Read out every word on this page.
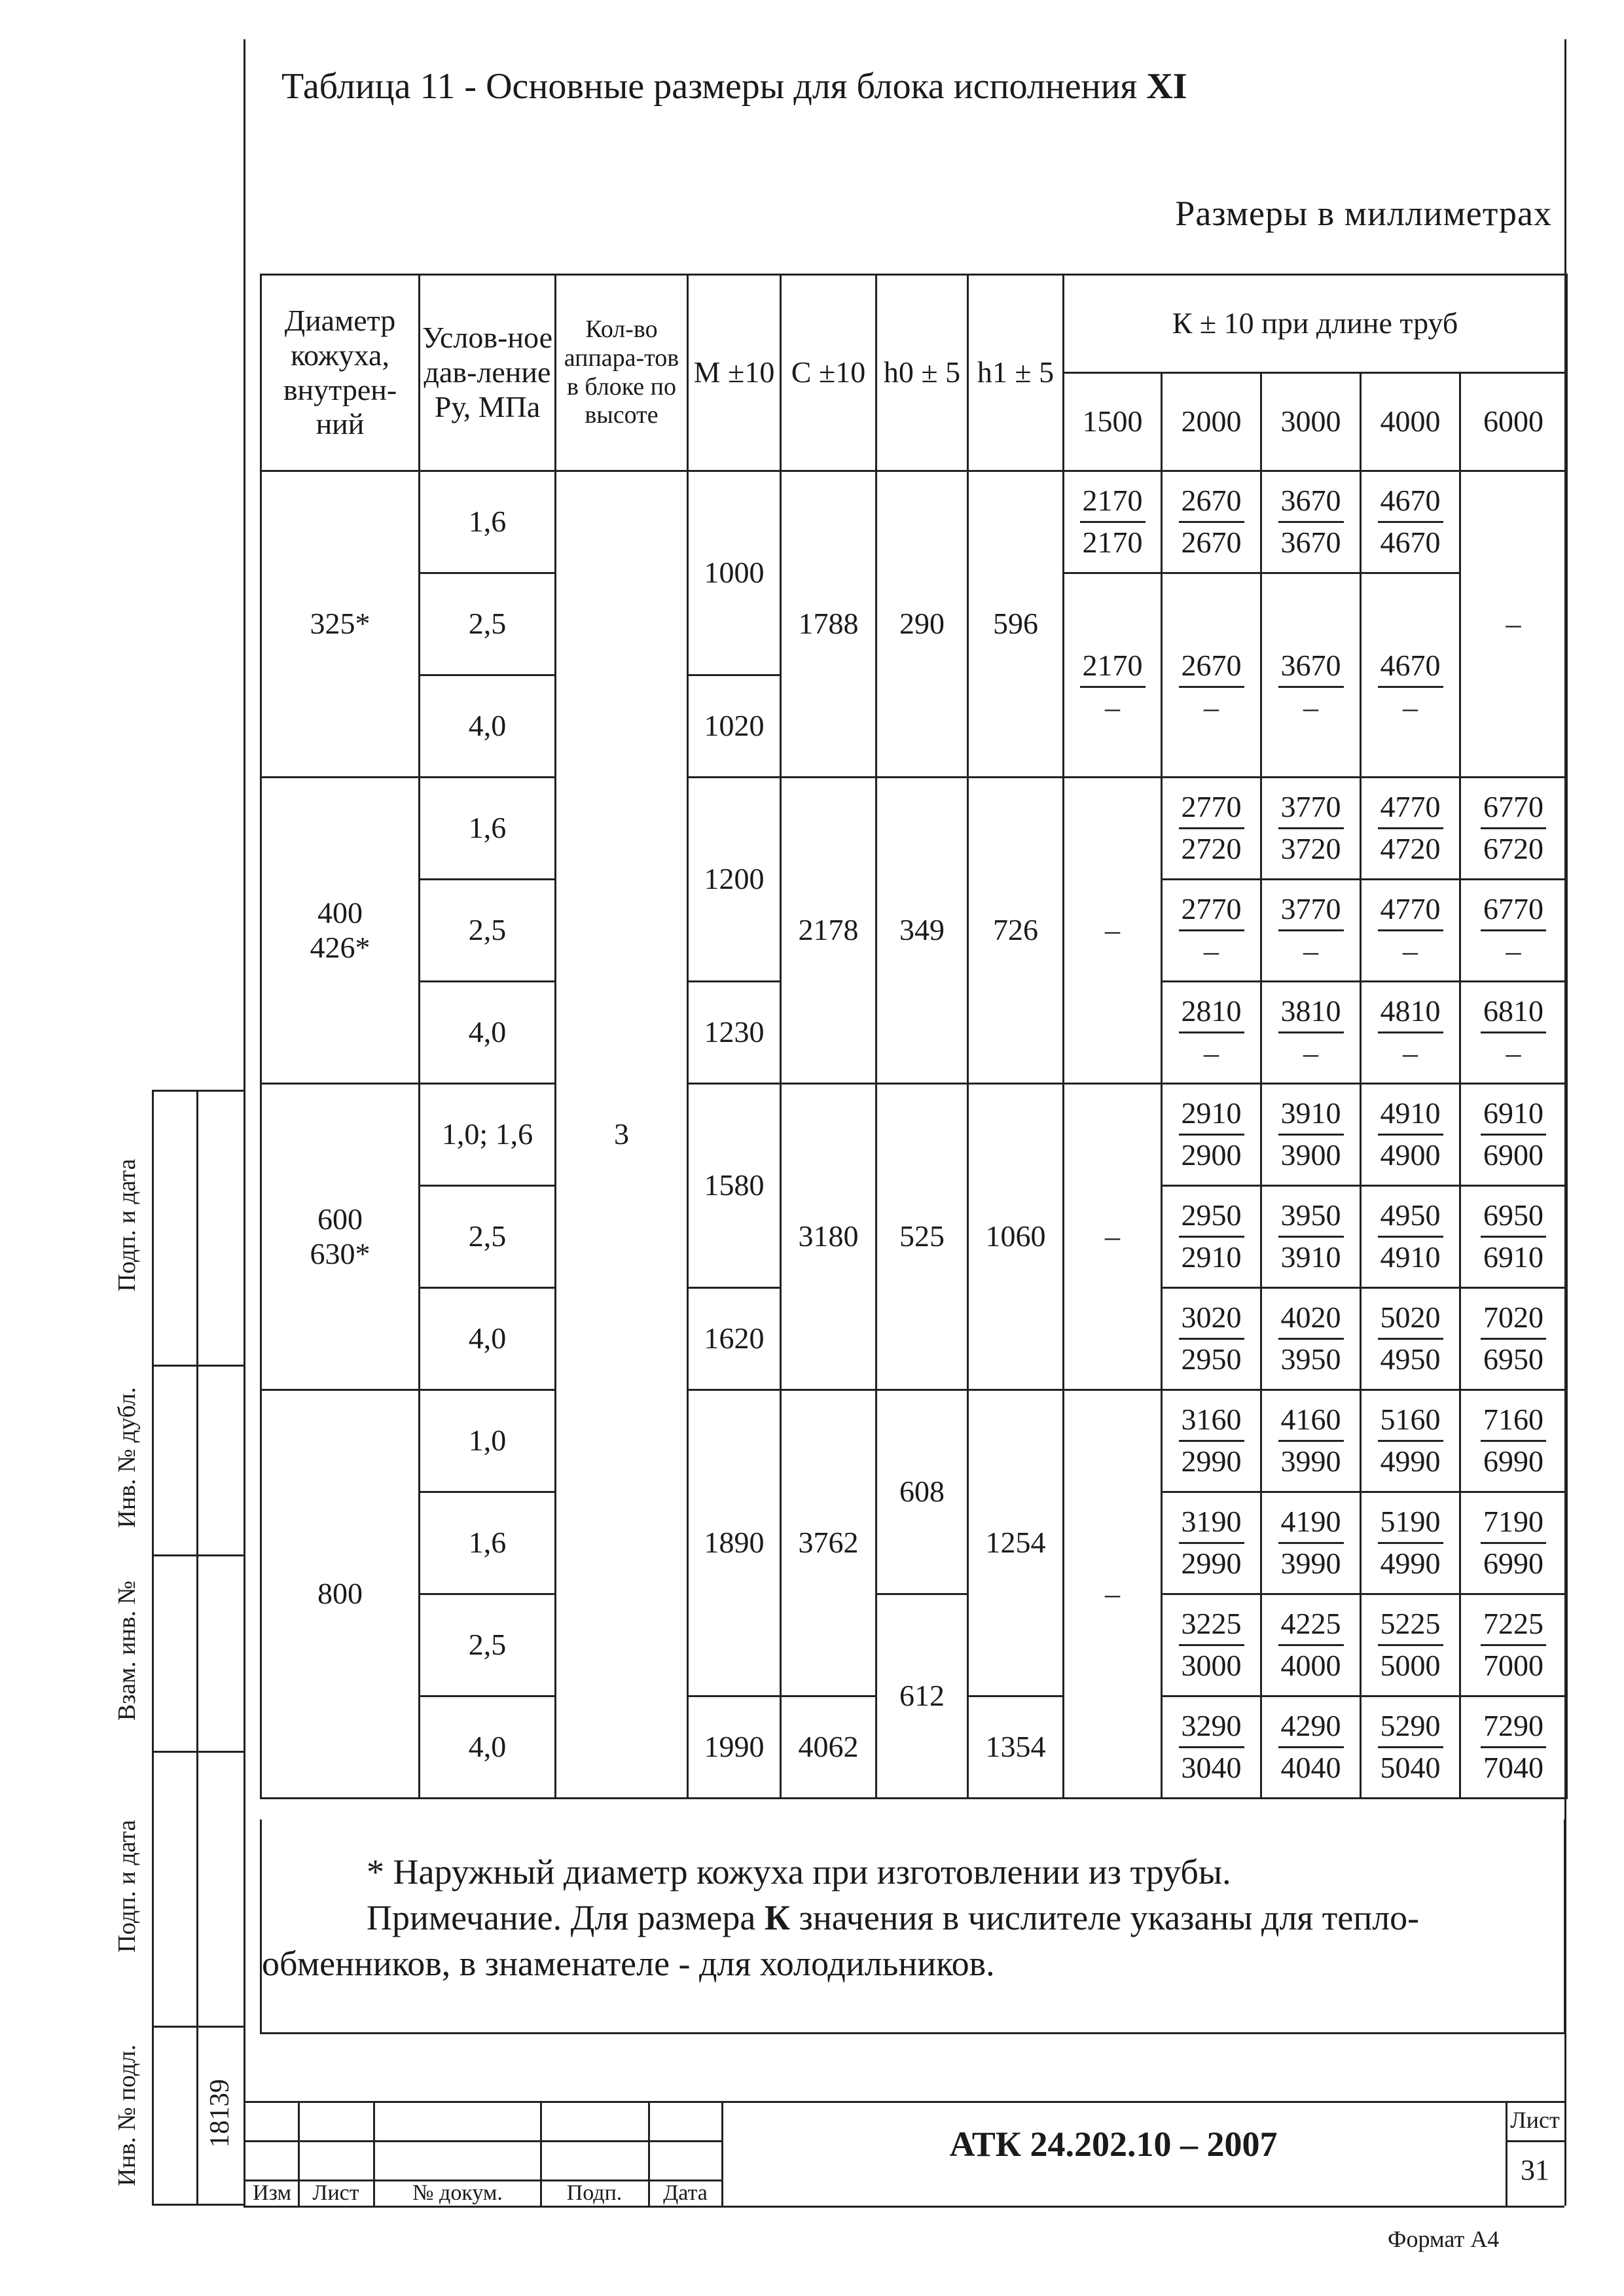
Таблица 11 - Основные размеры для блока исполнения XI
Размеры в миллиметрах
Диаметр кожуха, внутрен-ний	Услов-ное дав-ление Ру, МПа	Кол-во аппара-тов в блоке по высоте	М ±10	С ±10	h0 ± 5	h1 ± 5	К ± 10 при длине труб				
							1500	2000	3000	4000	6000
325*	1,6	3	1000	1788	290	596	$\frac{2170}{2170}$	$\frac{2670}{2670}$	$\frac{3670}{3670}$	$\frac{4670}{4670}$	–

	2,5						$\frac{2170}{-}$	$\frac{2670}{-}$	$\frac{3670}{-}$	$\frac{4670}{-}$

	4,0		1020								

400
426*	1,6		1200	2178	349	726	–	$\frac{2770}{2720}$	$\frac{3770}{3720}$	$\frac{4770}{4720}$	$\frac{6770}{6720}$

	2,5							$\frac{2770}{-}$	$\frac{3770}{-}$	$\frac{4770}{-}$	$\frac{6770}{-}$

	4,0		1230					$\frac{2810}{-}$	$\frac{3810}{-}$	$\frac{4810}{-}$	$\frac{6810}{-}$

600
630*	1,0; 1,6		1580	3180	525	1060	–	$\frac{2910}{2900}$	$\frac{3910}{3900}$	$\frac{4910}{4900}$	$\frac{6910}{6900}$

	2,5							$\frac{2950}{2910}$	$\frac{3950}{3910}$	$\frac{4950}{4910}$	$\frac{6950}{6910}$

	4,0		1620					$\frac{3020}{2950}$	$\frac{4020}{3950}$	$\frac{5020}{4950}$	$\frac{7020}{6950}$

800	1,0		1890	3762	608	1254	–	$\frac{3160}{2990}$	$\frac{4160}{3990}$	$\frac{5160}{4990}$	$\frac{7160}{6990}$

	1,6							$\frac{3190}{2990}$	$\frac{4190}{3990}$	$\frac{5190}{4990}$	$\frac{7190}{6990}$

	2,5				612			$\frac{3225}{3000}$	$\frac{4225}{4000}$	$\frac{5225}{5000}$	$\frac{7225}{7000}$

	4,0		1990	4062		1354		$\frac{3290}{3040}$	$\frac{4290}{4040}$	$\frac{5290}{5040}$	$\frac{7290}{7040}$

* Наружный диаметр кожуха при изготовлении из трубы.

Примечание. Для размера К значения в числителе указаны для тепло-

обменников, в знаменателе - для холодильников.

Подп. и дата
Инв. № дубл.
Взам. инв. №
Подп. и дата
Инв. № подл. 18139
Изм Лист	№ докум.	Подп.	Дата
АТК 24.202.10 – 2007
Лист
31
Формат А4
